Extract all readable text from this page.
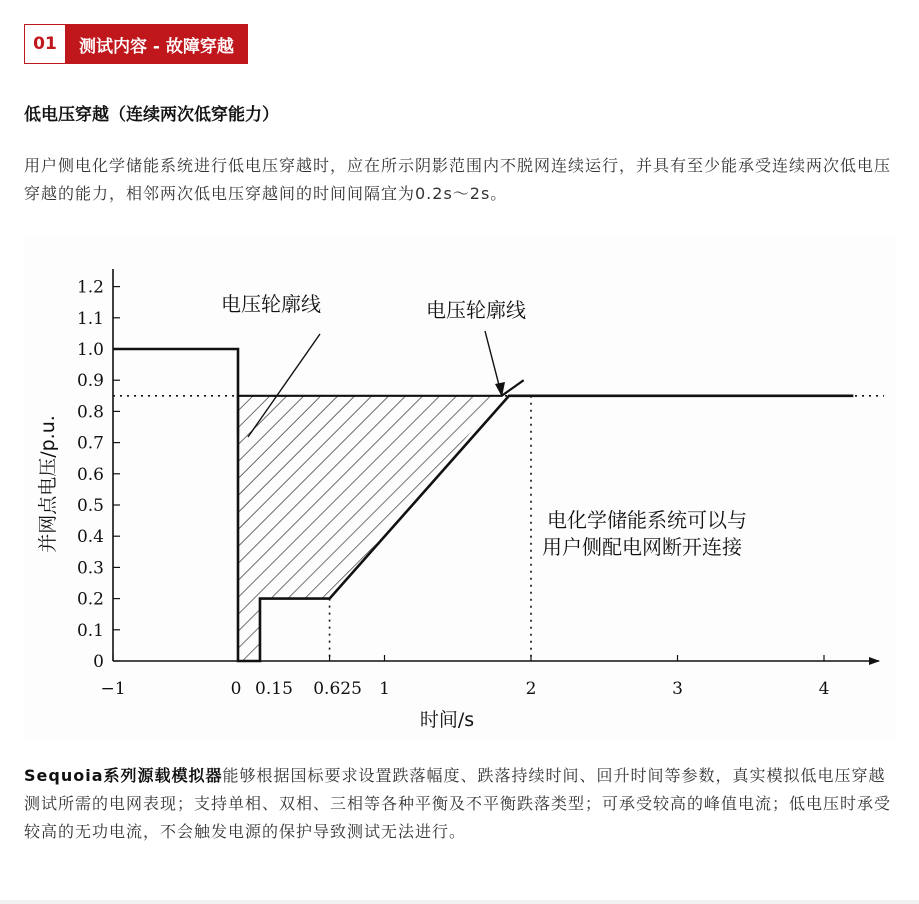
01	测试内容 - 故障穿越
低电压穿越（连续两次低穿能力）
用户侧电化学储能系统进行低电压穿越时，应在所示阴影范围内不脱网连续运行，并具有至少能承受连续两次低电压穿越的能力，相邻两次低电压穿越间的时间间隔宜为0.2s～2s。
0
0.1
0.2
0.3
0.4
0.5
0.6
0.7
0.8
0.9
1.0
1.1
1.2
−1	0 0.15 0.625 1	2	3	4
电压轮廓线	电压轮廓线
电化学储能系统可以与
用户侧配电网断开连接
时间/s
并网点电压/p.u.
Sequoia系列源载模拟器能够根据国标要求设置跌落幅度、跌落持续时间、回升时间等参数，真实模拟低电压穿越测试所需的电网表现；支持单相、双相、三相等各种平衡及不平衡跌落类型；可承受较高的峰值电流；低电压时承受较高的无功电流，不会触发电源的保护导致测试无法进行。
